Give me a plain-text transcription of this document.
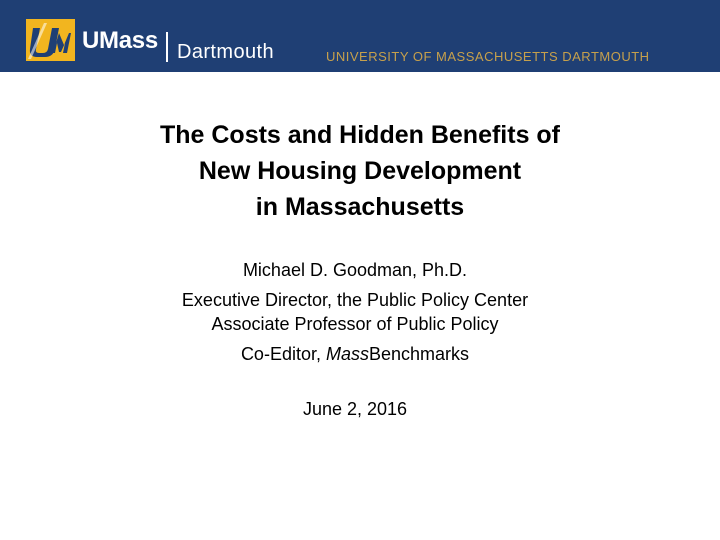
UMass Dartmouth	UNIVERSITY OF MASSACHUSETTS DARTMOUTH
The Costs and Hidden Benefits of
New Housing Development
in Massachusetts
Michael D. Goodman, Ph.D.
Executive Director, the Public Policy Center
Associate Professor of Public Policy
Co-Editor, MassBenchmarks
June 2, 2016
